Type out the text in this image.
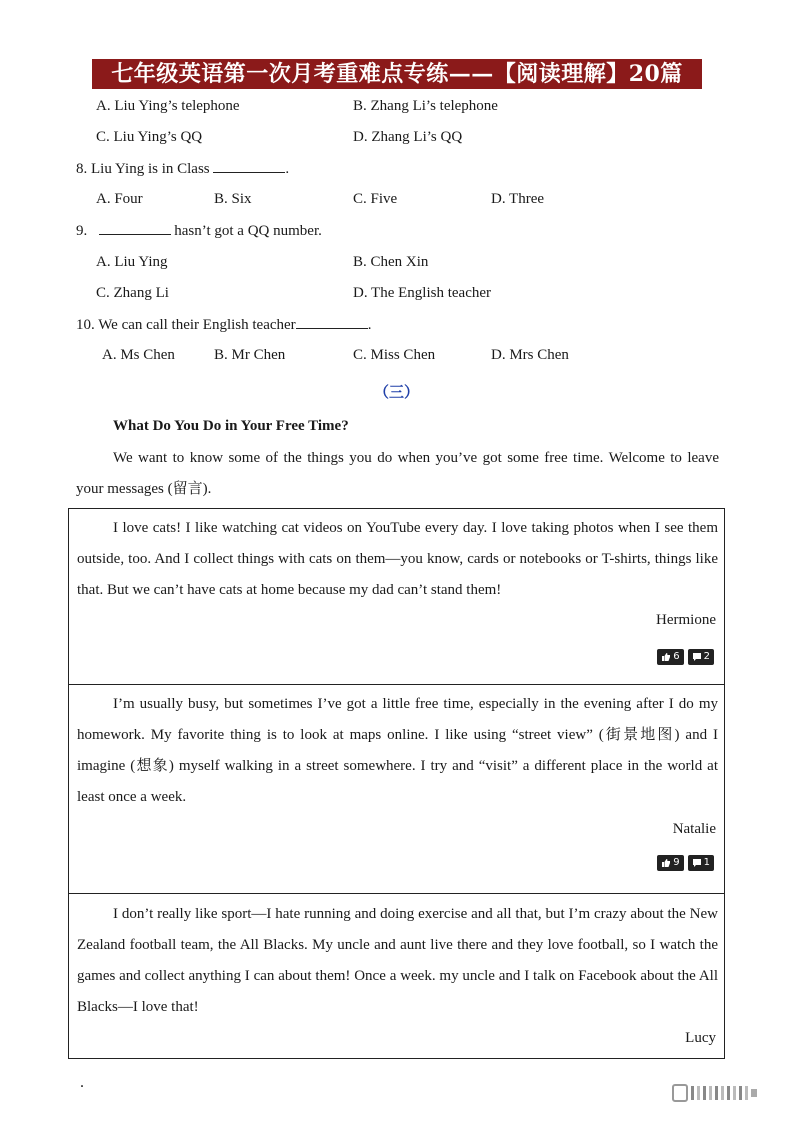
七年级英语第一次月考重难点专练——【阅读理解】20篇
A. Liu Ying’s telephone	B. Zhang Li’s telephone
C. Liu Ying’s QQ	D. Zhang Li’s QQ
8. Liu Ying is in Class	.
A. Four	B. Six	C. Five	D. Three
9.	hasn’t got a QQ number.
A. Liu Ying	B. Chen Xin
C. Zhang Li	D. The English teacher
10. We can call their English teacher	.
A. Ms Chen	B. Mr Chen	C. Miss Chen	D. Mrs Chen
（三）
What Do You Do in Your Free Time?
We want to know some of the things you do when you’ve got some free time. Welcome to leave your messages (留言).
I love cats! I like watching cat videos on YouTube every day. I love taking photos when I see them outside, too. And I collect things with cats on them—you know, cards or notebooks or T-shirts, things like that. But we can’t have cats at home because my dad can’t stand them!
Hermione
6 2
I’m usually busy, but sometimes I’ve got a little free time, especially in the evening after I do my homework. My favorite thing is to look at maps online. I like using “street view” (街景地图) and I imagine (想象) myself walking in a street somewhere. I try and “visit” a different place in the world at least once a week.
Natalie
9 1
I don’t really like sport—I hate running and doing exercise and all that, but I’m crazy about the New Zealand football team, the All Blacks. My uncle and aunt live there and they love football, so I watch the games and collect anything I can about them! Once a week. my uncle and I talk on Facebook about the All Blacks—I love that!
Lucy
.
